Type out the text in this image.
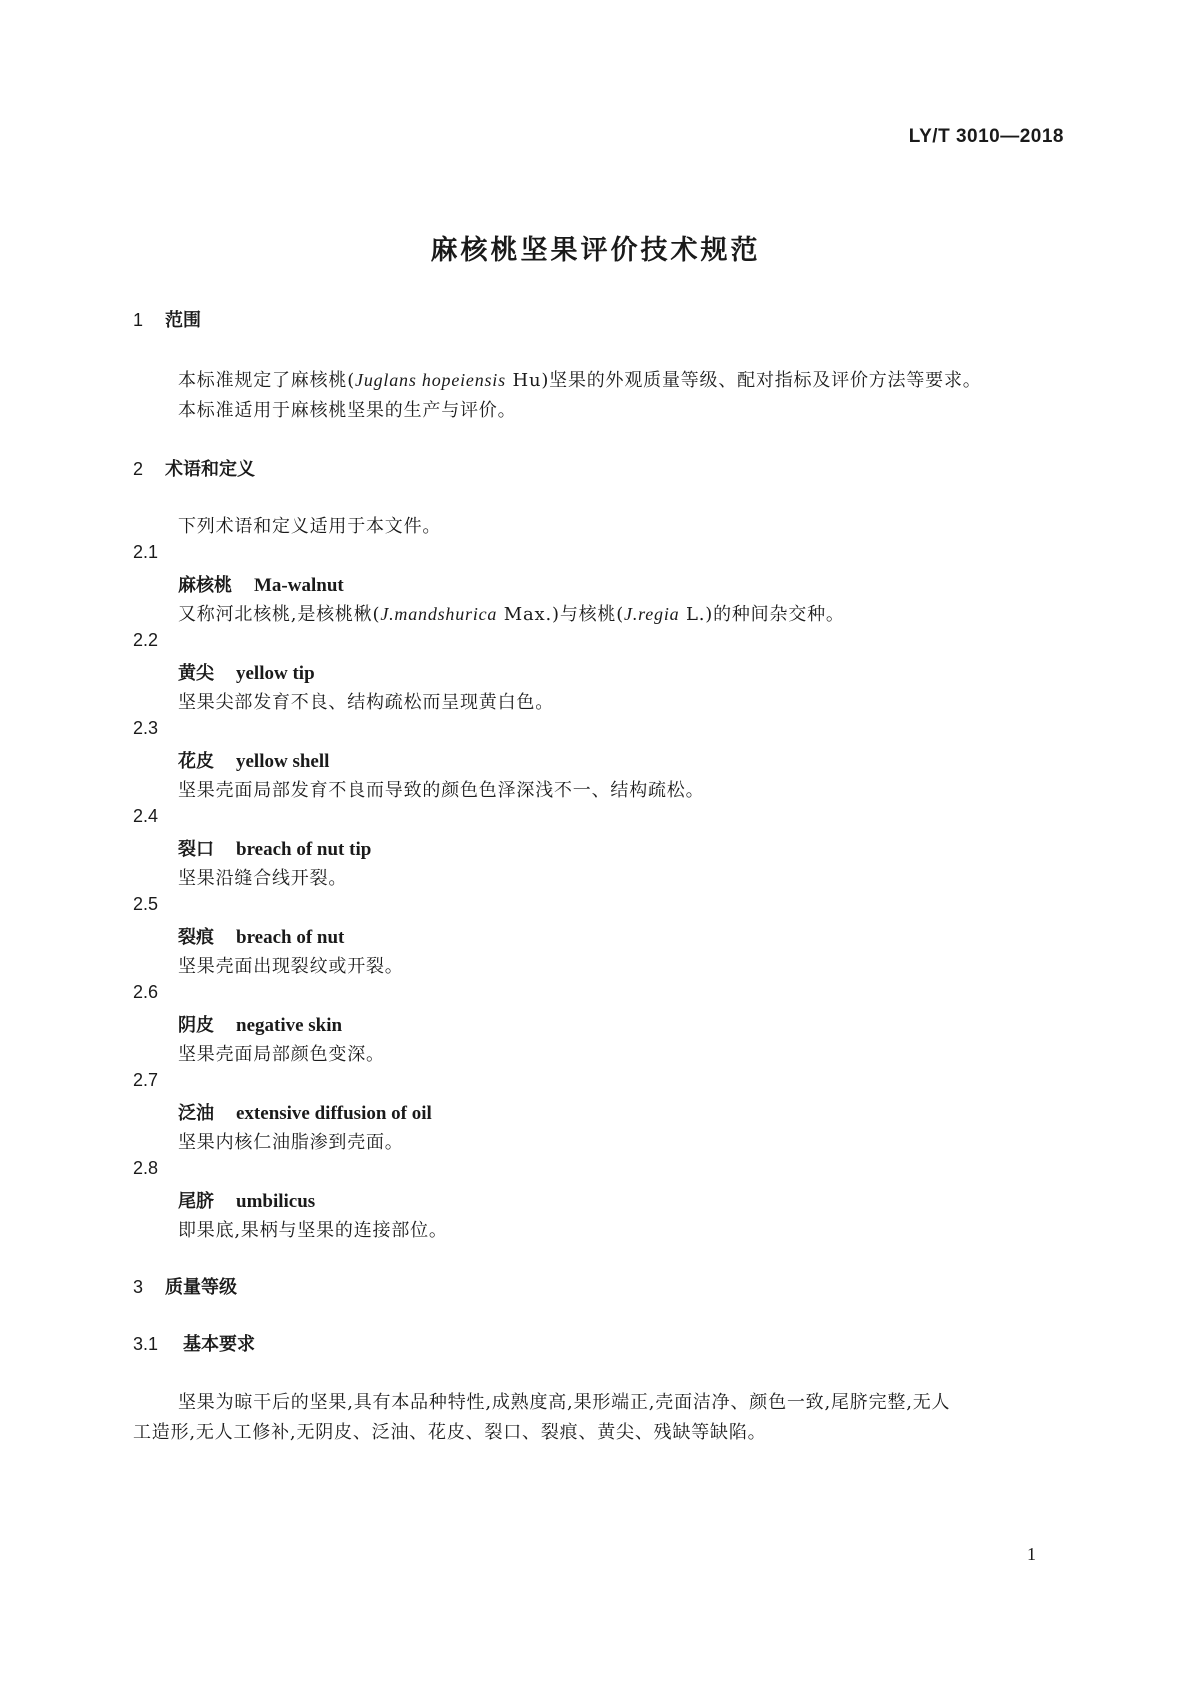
LY/T 3010—2018
麻核桃坚果评价技术规范
1 范围
本标准规定了麻核桃(Juglans hopeiensis Hu)坚果的外观质量等级、配对指标及评价方法等要求。
本标准适用于麻核桃坚果的生产与评价。
2 术语和定义
下列术语和定义适用于本文件。
2.1
麻核桃 Ma-walnut
又称河北核桃,是核桃楸(J.mandshurica Max.)与核桃(J.regia L.)的种间杂交种。
2.2
黄尖 yellow tip
坚果尖部发育不良、结构疏松而呈现黄白色。
2.3
花皮 yellow shell
坚果壳面局部发育不良而导致的颜色色泽深浅不一、结构疏松。
2.4
裂口 breach of nut tip
坚果沿缝合线开裂。
2.5
裂痕 breach of nut
坚果壳面出现裂纹或开裂。
2.6
阴皮 negative skin
坚果壳面局部颜色变深。
2.7
泛油 extensive diffusion of oil
坚果内核仁油脂渗到壳面。
2.8
尾脐 umbilicus
即果底,果柄与坚果的连接部位。
3 质量等级
3.1 基本要求
坚果为晾干后的坚果,具有本品种特性,成熟度高,果形端正,壳面洁净、颜色一致,尾脐完整,无人
工造形,无人工修补,无阴皮、泛油、花皮、裂口、裂痕、黄尖、残缺等缺陷。
1
